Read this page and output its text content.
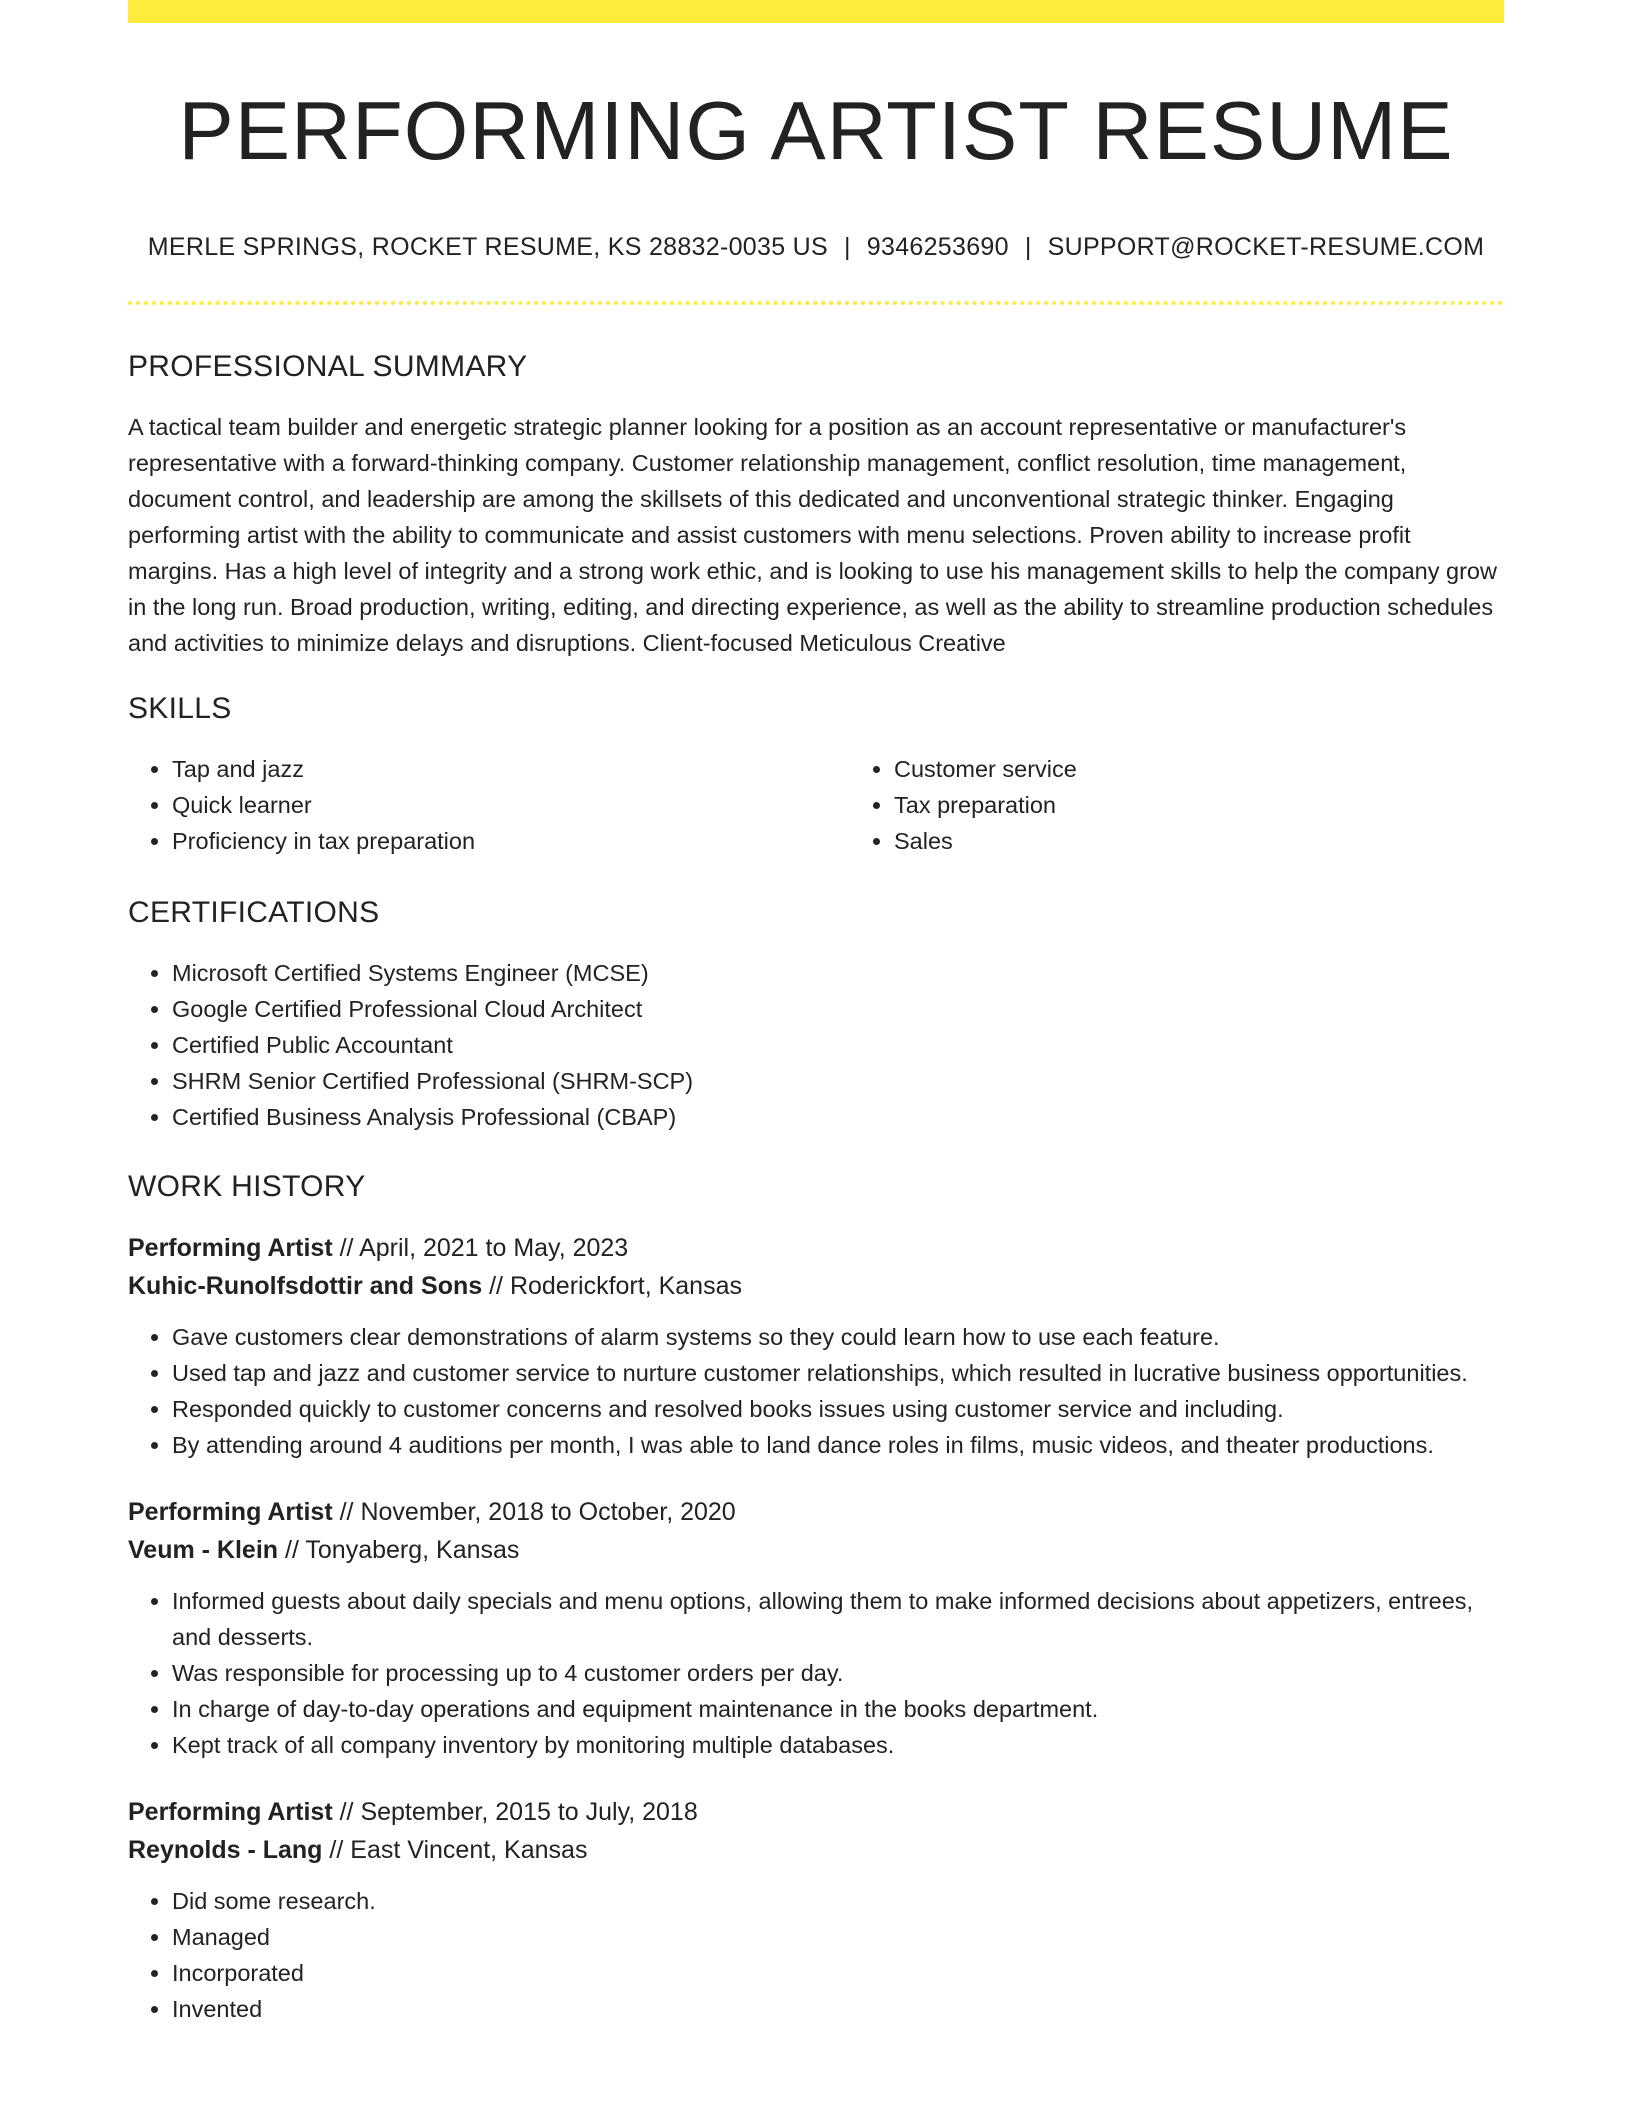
PERFORMING ARTIST RESUME
MERLE SPRINGS, ROCKET RESUME, KS 28832-0035 US | 9346253690 | SUPPORT@ROCKET-RESUME.COM
PROFESSIONAL SUMMARY

A tactical team builder and energetic strategic planner looking for a position as an account representative or manufacturer's representative with a forward-thinking company. Customer relationship management, conflict resolution, time management, document control, and leadership are among the skillsets of this dedicated and unconventional strategic thinker. Engaging performing artist with the ability to communicate and assist customers with menu selections. Proven ability to increase profit margins. Has a high level of integrity and a strong work ethic, and is looking to use his management skills to help the company grow in the long run. Broad production, writing, editing, and directing experience, as well as the ability to streamline production schedules and activities to minimize delays and disruptions. Client-focused Meticulous Creative

SKILLS
• Tap and jazz
• Quick learner
• Proficiency in tax preparation
• Customer service
• Tax preparation
• Sales
CERTIFICATIONS
• Microsoft Certified Systems Engineer (MCSE)
• Google Certified Professional Cloud Architect
• Certified Public Accountant
• SHRM Senior Certified Professional (SHRM-SCP)
• Certified Business Analysis Professional (CBAP)
WORK HISTORY
Performing Artist // April, 2021 to May, 2023
Kuhic-Runolfsdottir and Sons // Roderickfort, Kansas
• Gave customers clear demonstrations of alarm systems so they could learn how to use each feature.
• Used tap and jazz and customer service to nurture customer relationships, which resulted in lucrative business opportunities.
• Responded quickly to customer concerns and resolved books issues using customer service and including.
• By attending around 4 auditions per month, I was able to land dance roles in films, music videos, and theater productions.
Performing Artist // November, 2018 to October, 2020
Veum - Klein // Tonyaberg, Kansas
• Informed guests about daily specials and menu options, allowing them to make informed decisions about appetizers, entrees, and desserts.
• Was responsible for processing up to 4 customer orders per day.
• In charge of day-to-day operations and equipment maintenance in the books department.
• Kept track of all company inventory by monitoring multiple databases.
Performing Artist // September, 2015 to July, 2018
Reynolds - Lang // East Vincent, Kansas
• Did some research.
• Managed
• Incorporated
• Invented
